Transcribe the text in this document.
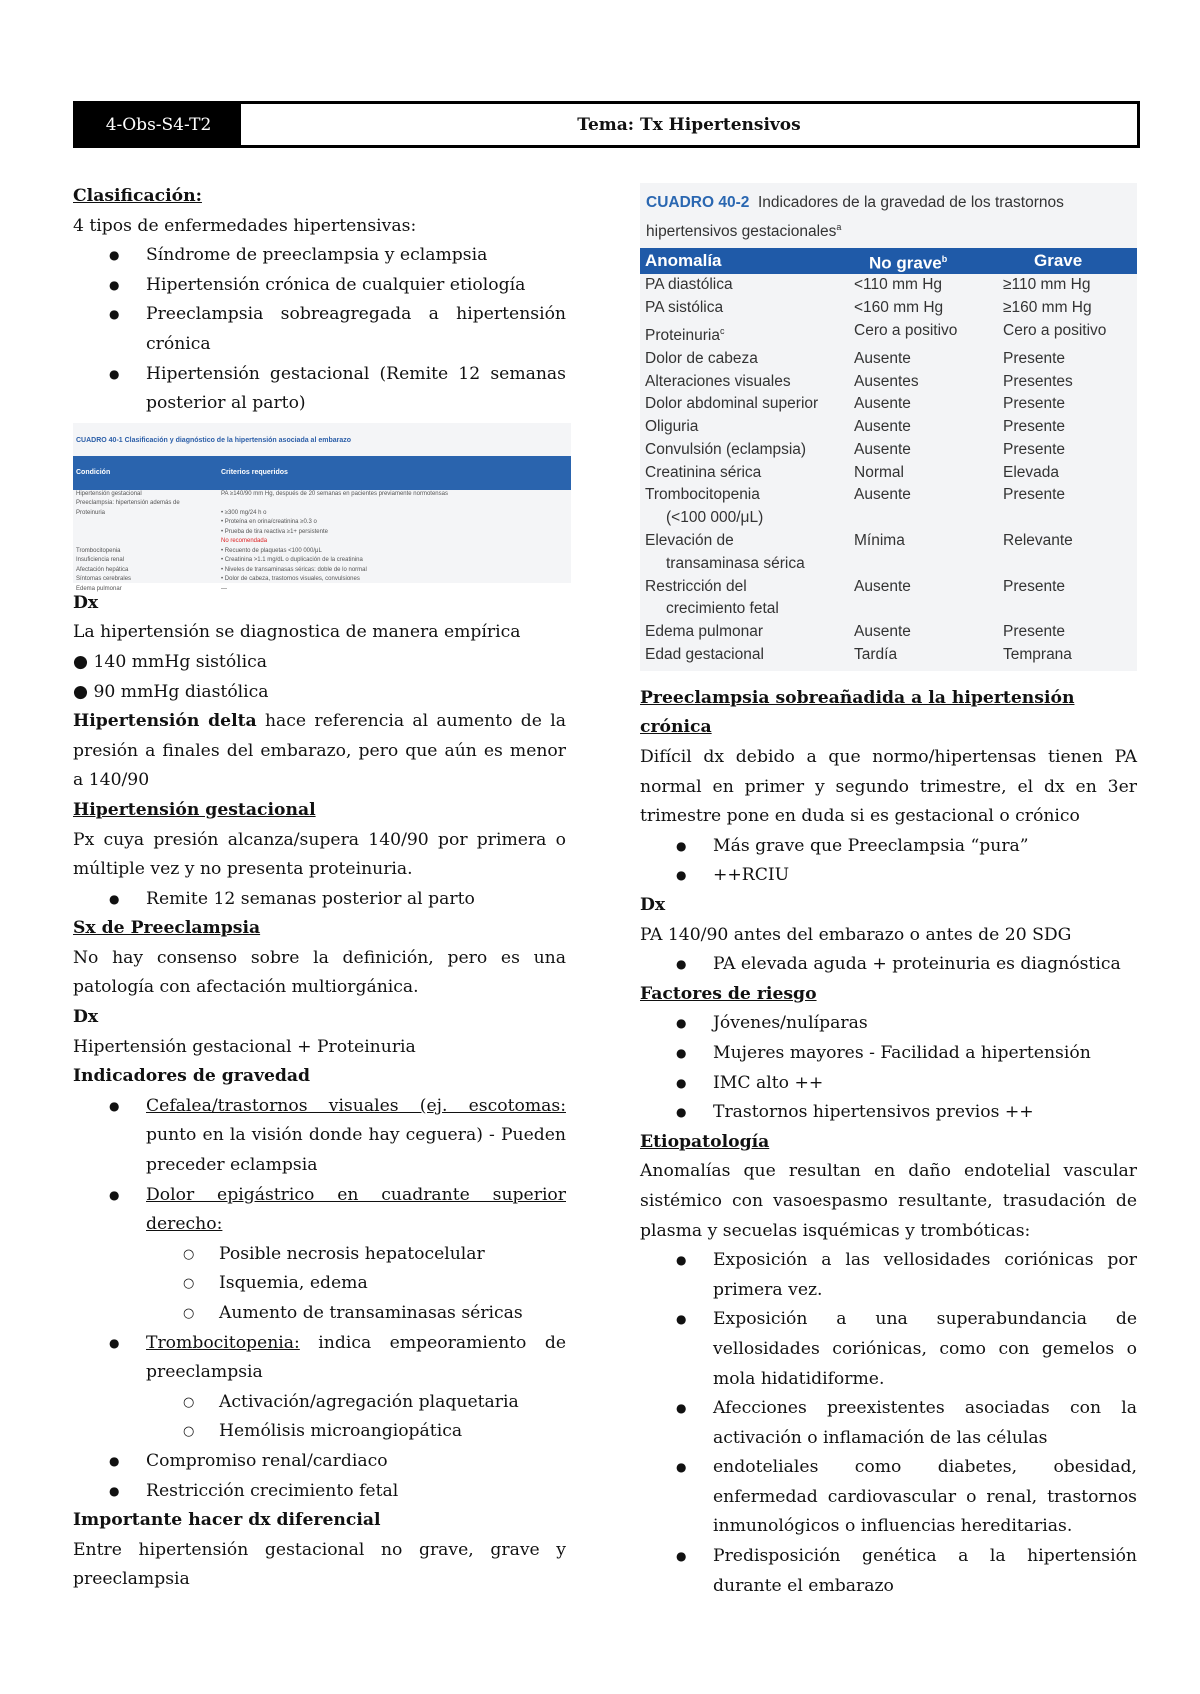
4-Obs-S4-T2	Tema: Tx Hipertensivos

Clasificación:

4 tipos de enfermedades hipertensivas:

● Síndrome de preeclampsia y eclampsia
● Hipertensión crónica de cualquier etiología
● Preeclampsia sobreagregada a hipertensión crónica
● Hipertensión gestacional (Remite 12 semanas posterior al parto)
CUADRO 40-1 Clasificación y diagnóstico de la hipertensión asociada al embarazo
Condición	Criterios requeridos
Hipertensión gestacional	PA ≥140/90 mm Hg, después de 20 semanas en pacientes previamente normotensas
Preeclampsia: hipertensión además de
Proteinuria	• ≥300 mg/24 h o
• Proteína en orina/creatinina ≥0.3 o
• Prueba de tira reactiva ≥1+ persistente
No recomendada
Trombocitopenia	• Recuento de plaquetas <100 000/μL
Insuficiencia renal	• Creatinina >1.1 mg/dL o duplicación de la creatinina
Afectación hepática	• Niveles de transaminasas séricas: doble de lo normal
Síntomas cerebrales	• Dolor de cabeza, trastornos visuales, convulsiones
Edema pulmonar	—

Dx

La hipertensión se diagnostica de manera empírica

● 140 mmHg sistólica

● 90 mmHg diastólica

Hipertensión delta hace referencia al aumento de la presión a finales del embarazo, pero que aún es menor a 140/90

Hipertensión gestacional

Px cuya presión alcanza/supera 140/90 por primera o múltiple vez y no presenta proteinuria.

● Remite 12 semanas posterior al parto

Sx de Preeclampsia

No hay consenso sobre la definición, pero es una patología con afectación multiorgánica.

Dx

Hipertensión gestacional + Proteinuria

Indicadores de gravedad

● Cefalea/trastornos visuales (ej. escotomas: punto en la visión donde hay ceguera) - Pueden preceder eclampsia
● Dolor epigástrico en cuadrante superior derecho:
○ Posible necrosis hepatocelular
○ Isquemia, edema
○ Aumento de transaminasas séricas
● Trombocitopenia: indica empeoramiento de preeclampsia
○ Activación/agregación plaquetaria
○ Hemólisis microangiopática
● Compromiso renal/cardiaco
● Restricción crecimiento fetal

Importante hacer dx diferencial

Entre hipertensión gestacional no grave, grave y preeclampsia

CUADRO 40-2 Indicadores de la gravedad de los trastornos hipertensivos gestacionales$^a$
Anomalía	No grave$^b$	Grave
PA diastólica	<110 mm Hg	≥110 mm Hg
PA sistólica	<160 mm Hg	≥160 mm Hg
Proteinuria$^c$	Cero a positivo	Cero a positivo
Dolor de cabeza	Ausente	Presente
Alteraciones visuales	Ausentes	Presentes
Dolor abdominal superior	Ausente	Presente
Oliguria	Ausente	Presente
Convulsión (eclampsia)	Ausente	Presente
Creatinina sérica	Normal	Elevada
Trombocitopenia	Ausente	Presente
(<100 000/μL)
Elevación de	Mínima	Relevante
transaminasa sérica
Restricción del	Ausente	Presente
crecimiento fetal
Edema pulmonar	Ausente	Presente
Edad gestacional	Tardía	Temprana

Preeclampsia sobreañadida a la hipertensión crónica

Difícil dx debido a que normo/hipertensas tienen PA normal en primer y segundo trimestre, el dx en 3er trimestre pone en duda si es gestacional o crónico

● Más grave que Preeclampsia “pura”
● ++RCIU

Dx

PA 140/90 antes del embarazo o antes de 20 SDG

● PA elevada aguda + proteinuria es diagnóstica

Factores de riesgo

● Jóvenes/nulíparas
● Mujeres mayores - Facilidad a hipertensión
● IMC alto ++
● Trastornos hipertensivos previos ++

Etiopatología

Anomalías que resultan en daño endotelial vascular sistémico con vasoespasmo resultante, trasudación de plasma y secuelas isquémicas y trombóticas:

● Exposición a las vellosidades coriónicas por primera vez.
● Exposición a una superabundancia de vellosidades coriónicas, como con gemelos o mola hidatidiforme.
● Afecciones preexistentes asociadas con la activación o inflamación de las células
● endoteliales como diabetes, obesidad, enfermedad cardiovascular o renal, trastornos inmunológicos o influencias hereditarias.
● Predisposición genética a la hipertensión durante el embarazo
